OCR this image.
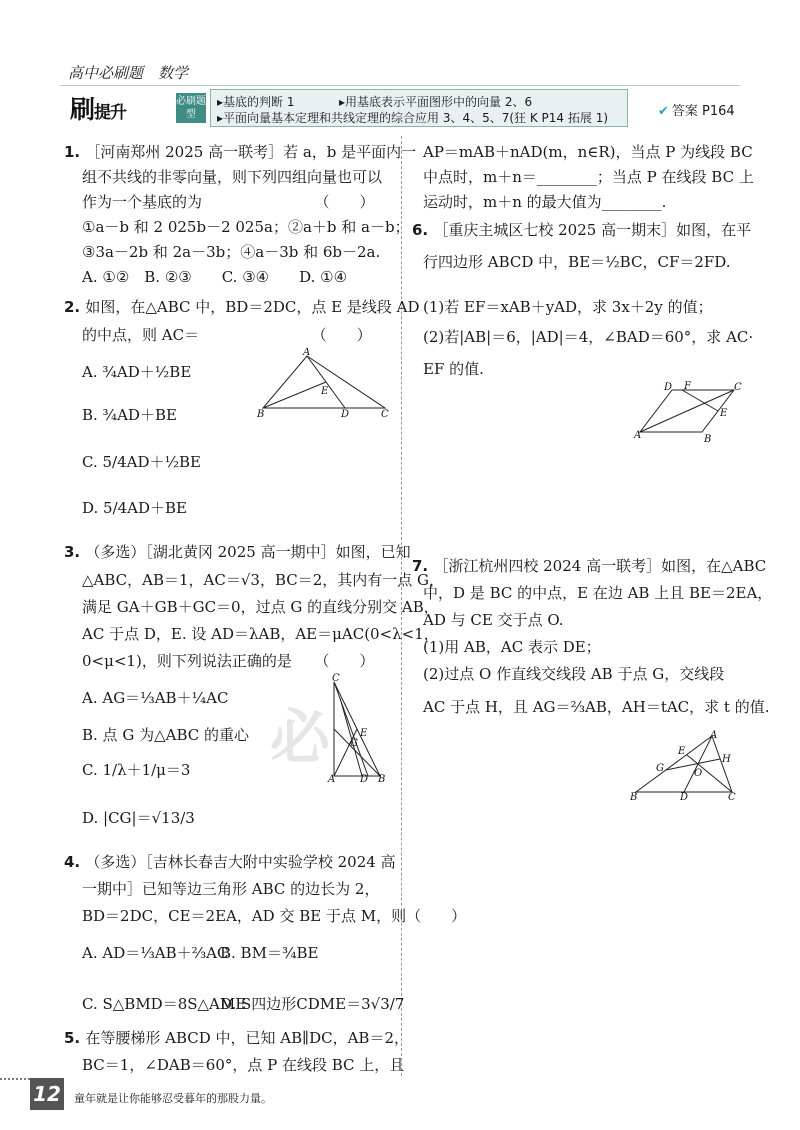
高中必刷题　数学
刷提升
必刷题型
▸基底的判断 1	▸用基底表示平面图形中的向量 2、6
▸平面向量基本定理和共线定理的综合应用 3、4、5、7(狂 K P14 拓展 1)	✔ 答案 P164
必
1. ［河南郑州 2025 高一联考］若 a，b 是平面内一
组不共线的非零向量，则下列四组向量也可以
作为一个基底的为　　　　　　　　（　　）
①a－b 和 2 025b－2 025a；②a＋b 和 a－b；
③3a－2b 和 2a－3b；④a－3b 和 6b－2a.
A. ①②　B. ②③　　C. ③④　　D. ①④
2. 如图，在△ABC 中，BD＝2DC，点 E 是线段 AD
的中点，则 AC＝　　　　　　　　（　　）
A. ¾AD＋½BE
B. ¾AD＋BE
C. 5/4AD＋½BE
D. 5/4AD＋BE
A
B	D	C
E
3. （多选）［湖北黄冈 2025 高一期中］如图，已知
△ABC，AB＝1，AC＝√3，BC＝2，其内有一点 G，
满足 GA＋GB＋GC＝0，过点 G 的直线分别交 AB，
AC 于点 D，E. 设 AD＝λAB，AE＝μAC(0<λ<1，
0<μ<1)，则下列说法正确的是　　（　　）
A. AG＝⅓AB＋¼AC
B. 点 G 为△ABC 的重心
C. 1/λ＋1/μ＝3
D. |CG|＝√13/3
C
A D B
G
E
4. （多选）［吉林长春吉大附中实验学校 2024 高
一期中］已知等边三角形 ABC 的边长为 2，
BD＝2DC，CE＝2EA，AD 交 BE 于点 M，则（　　）
A. AD＝⅓AB＋⅔AC
B. BM＝¾BE
C. S△BMD＝8S△AME
D. S四边形CDME＝3√3/7
5. 在等腰梯形 ABCD 中，已知 AB∥DC，AB＝2，
BC＝1，∠DAB＝60°，点 P 在线段 BC 上，且
AP＝mAB＋nAD(m，n∈R)，当点 P 为线段 BC
中点时，m＋n＝________；当点 P 在线段 BC 上
运动时，m＋n 的最大值为________.
6. ［重庆主城区七校 2025 高一期末］如图，在平
行四边形 ABCD 中，BE＝½BC，CF＝2FD.
(1)若 EF＝xAB＋yAD，求 3x＋2y 的值；
(2)若|AB|＝6，|AD|＝4，∠BAD＝60°，求 AC·
EF 的值.
A	B
C
D F
E
7. ［浙江杭州四校 2024 高一联考］如图，在△ABC
中，D 是 BC 的中点，E 在边 AB 上且 BE＝2EA，
AD 与 CE 交于点 O.
(1)用 AB，AC 表示 DE；
(2)过点 O 作直线交线段 AB 于点 G，交线段
AC 于点 H，且 AG＝⅔AB，AH＝tAC，求 t 的值.
A
B	C
D
E
G
H
O
12 童年就是让你能够忍受暮年的那股力量。
